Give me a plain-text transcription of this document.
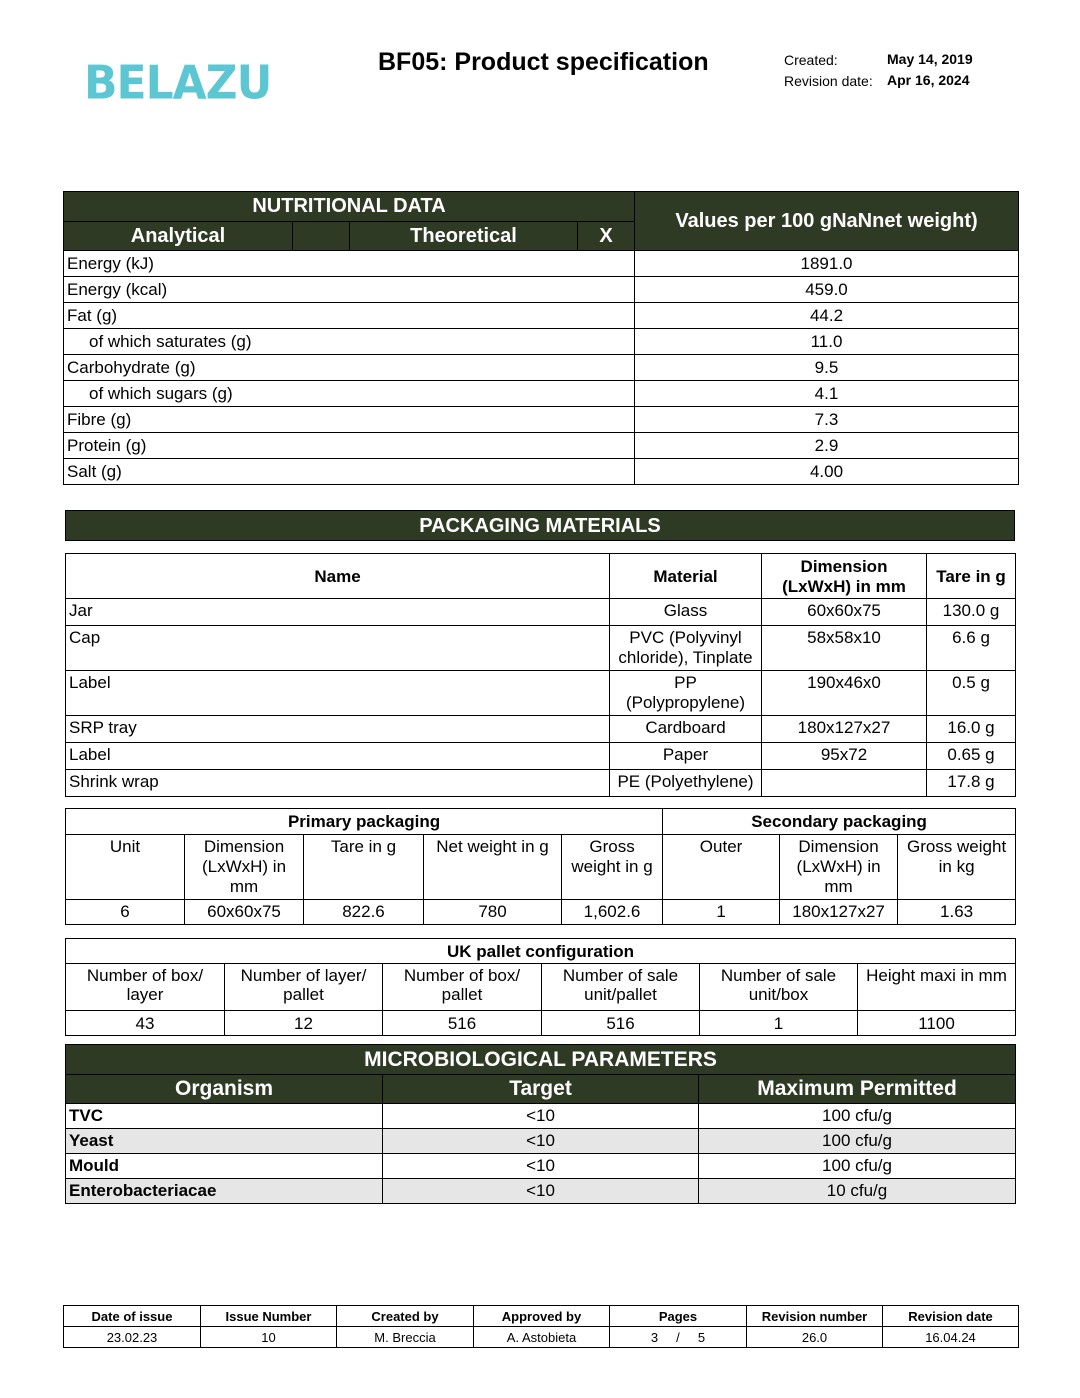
BELAZU	BF05: Product specification	Created:	May 14, 2019
Revision date: Apr 16, 2024
NUTRITIONAL DATA				Values per 100 gNaNnet weight)
Analytical		Theoretical	X	
Energy (kJ)				1891.0
Energy (kcal)				459.0
Fat (g)				44.2
of which saturates (g)				11.0
Carbohydrate (g)				9.5
of which sugars (g)				4.1
Fibre (g)				7.3
Protein (g)				2.9
Salt (g)				4.00
PACKAGING MATERIALS
Name	Material	Dimension (LxWxH) in mm	Tare in g
Jar	Glass	60x60x75	130.0 g
Cap	PVC (Polyvinyl chloride), Tinplate	58x58x10	6.6 g
Label	PP (Polypropylene)	190x46x0	0.5 g
SRP tray	Cardboard	180x127x27	16.0 g
Label	Paper	95x72	0.65 g
Shrink wrap	PE (Polyethylene)		17.8 g
Primary packaging					Secondary packaging		
Unit	Dimension (LxWxH) in mm	Tare in g	Net weight in g	Gross weight in g	Outer	Dimension (LxWxH) in mm	Gross weight in kg
6	60x60x75	822.6	780	1,602.6	1	180x127x27	1.63
UK pallet configuration					
Number of box/ layer	Number of layer/ pallet	Number of box/ pallet	Number of sale unit/pallet	Number of sale unit/box	Height maxi in mm
43	12	516	516	1	1100
MICROBIOLOGICAL PARAMETERS		
Organism	Target	Maximum Permitted
TVC	<10	100 cfu/g
Yeast	<10	100 cfu/g
Mould	<10	100 cfu/g
Enterobacteriacae	<10	10 cfu/g
Date of issue	Issue Number	Created by	Approved by	Pages	Revision number	Revision date
23.02.23	10	M. Breccia	A. Astobieta	3     /     5	26.0	16.04.24
